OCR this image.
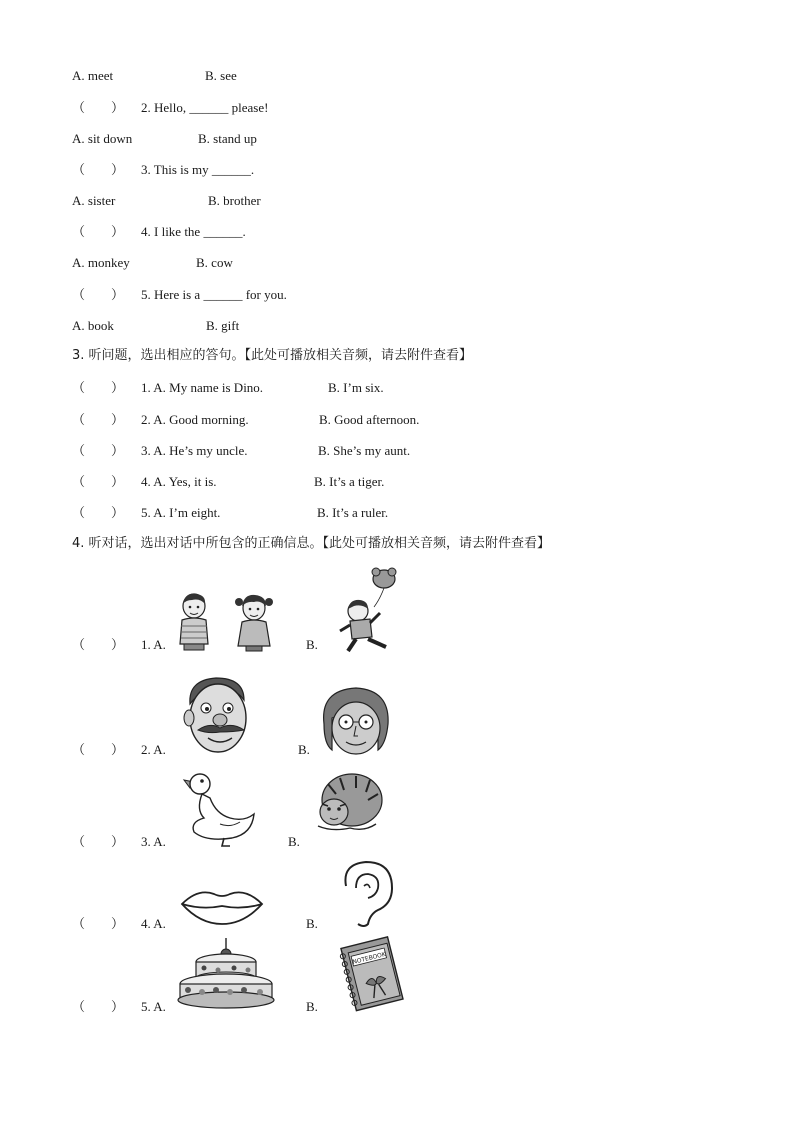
A. meet	B. see
（        ） 2. Hello, ______ please!
A. sit down	B. stand up
（        ） 3. This is my ______.
A. sister	B. brother
（        ） 4. I like the ______.
A. monkey	B. cow
（        ） 5. Here is a ______ for you.
A. book	B. gift
3. 听问题，选出相应的答句。【此处可播放相关音频，请去附件查看】
（        ） 1. A. My name is Dino.	B. I’m six.
（        ） 2. A. Good morning.	B. Good afternoon.
（        ） 3. A. He’s my uncle.	B. She’s my aunt.
（        ） 4. A. Yes, it is.	B. It’s a tiger.
（        ） 5. A. I’m eight.	B. It’s a ruler.
4. 听对话，选出对话中所包含的正确信息。【此处可播放相关音频，请去附件查看】
（        ） 1. A.	B.
（        ） 2. A.	B.
（        ） 3. A.	B.
（        ） 4. A.	B.
（        ） 5. A.	B.
NOTEBOOK
